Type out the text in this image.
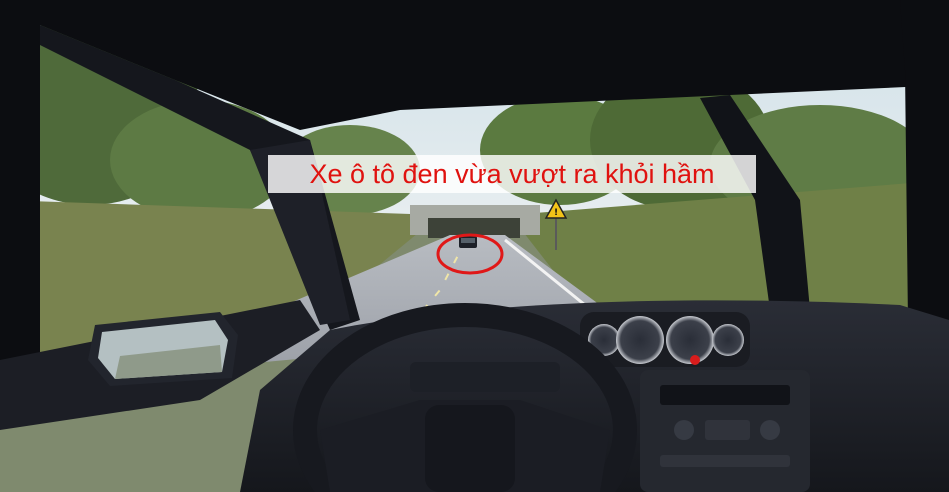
!
Xe ô tô đen vừa vượt ra khỏi hầm
